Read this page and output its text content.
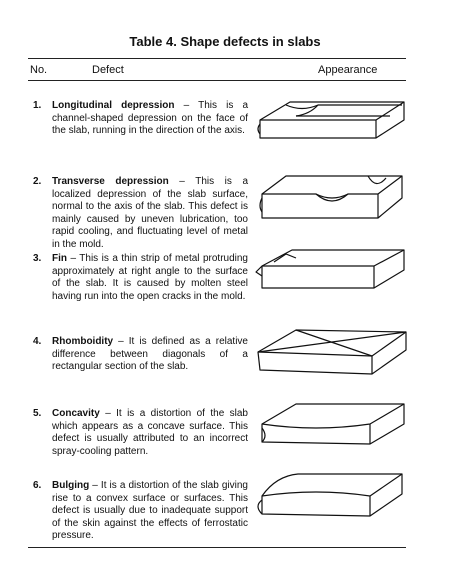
Table 4. Shape defects in slabs
No.	Defect	Appearance
1. Longitudinal depression – This is a channel-shaped depression on the face of the slab, running in the direction of the axis.
2. Transverse depression – This is a localized depression of the slab surface, normal to the axis of the slab. This defect is mainly caused by uneven lubrication, too rapid cooling, and fluctuating level of metal in the mold.
3. Fin – This is a thin strip of metal protruding approximately at right angle to the surface of the slab. It is caused by molten steel having run into the open cracks in the mold.
4. Rhomboidity – It is defined as a relative difference between diagonals of a rectangular section of the slab.
5. Concavity – It is a distortion of the slab which appears as a concave surface. This defect is usually attributed to an incorrect spray-cooling pattern.
6. Bulging – It is a distortion of the slab giving rise to a convex surface or surfaces. This defect is usually due to inadequate support of the skin against the effects of ferrostatic pressure.
